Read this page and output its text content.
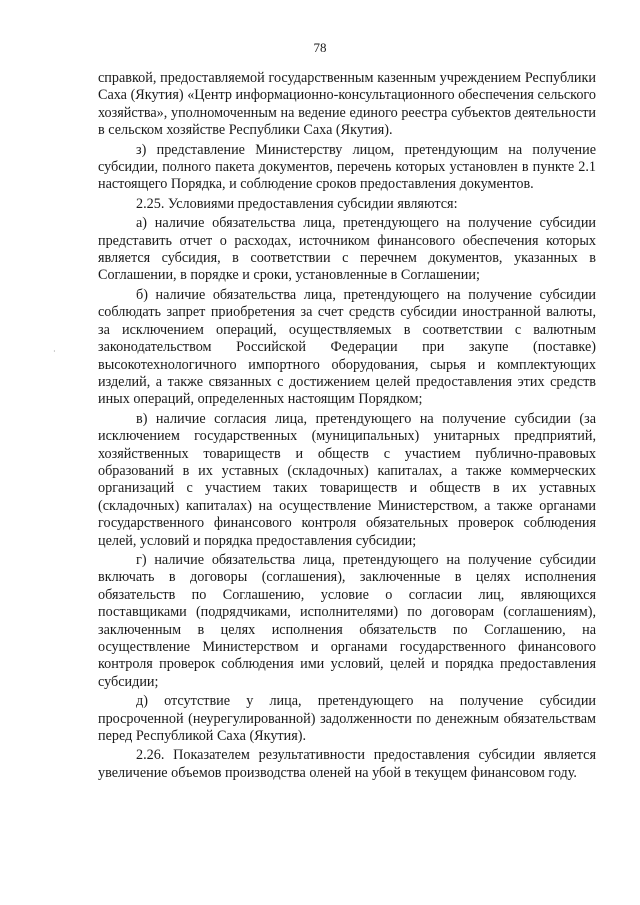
78
·

справкой, предоставляемой государственным казенным учреждением Республики Саха (Якутия) «Центр информационно-консультационного обеспечения сельского хозяйства», уполномоченным на ведение единого реестра субъектов деятельности в сельском хозяйстве Республики Саха (Якутия).

з) представление Министерству лицом, претендующим на получение субсидии, полного пакета документов, перечень которых установлен в пункте 2.1 настоящего Порядка, и соблюдение сроков предоставления документов.

2.25. Условиями предоставления субсидии являются:

а) наличие обязательства лица, претендующего на получение субсидии представить отчет о расходах, источником финансового обеспечения которых является субсидия, в соответствии с перечнем документов, указанных в Соглашении, в порядке и сроки, установленные в Соглашении;

б) наличие обязательства лица, претендующего на получение субсидии соблюдать запрет приобретения за счет средств субсидии иностранной валюты, за исключением операций, осуществляемых в соответствии с валютным законодательством Российской Федерации при закупе (поставке) высокотехнологичного импортного оборудования, сырья и комплектующих изделий, а также связанных с достижением целей предоставления этих средств иных операций, определенных настоящим Порядком;

в) наличие согласия лица, претендующего на получение субсидии (за исключением государственных (муниципальных) унитарных предприятий, хозяйственных товариществ и обществ с участием публично-правовых образований в их уставных (складочных) капиталах, а также коммерческих организаций с участием таких товариществ и обществ в их уставных (складочных) капиталах) на осуществление Министерством, а также органами государственного финансового контроля обязательных проверок соблюдения целей, условий и порядка предоставления субсидии;

г) наличие обязательства лица, претендующего на получение субсидии включать в договоры (соглашения), заключенные в целях исполнения обязательств по Соглашению, условие о согласии лиц, являющихся поставщиками (подрядчиками, исполнителями) по договорам (соглашениям), заключенным в целях исполнения обязательств по Соглашению, на осуществление Министерством и органами государственного финансового контроля проверок соблюдения ими условий, целей и порядка предоставления субсидии;

д) отсутствие у лица, претендующего на получение субсидии просроченной (неурегулированной) задолженности по денежным обязательствам перед Республикой Саха (Якутия).

2.26. Показателем результативности предоставления субсидии является увеличение объемов производства оленей на убой в текущем финансовом году.
